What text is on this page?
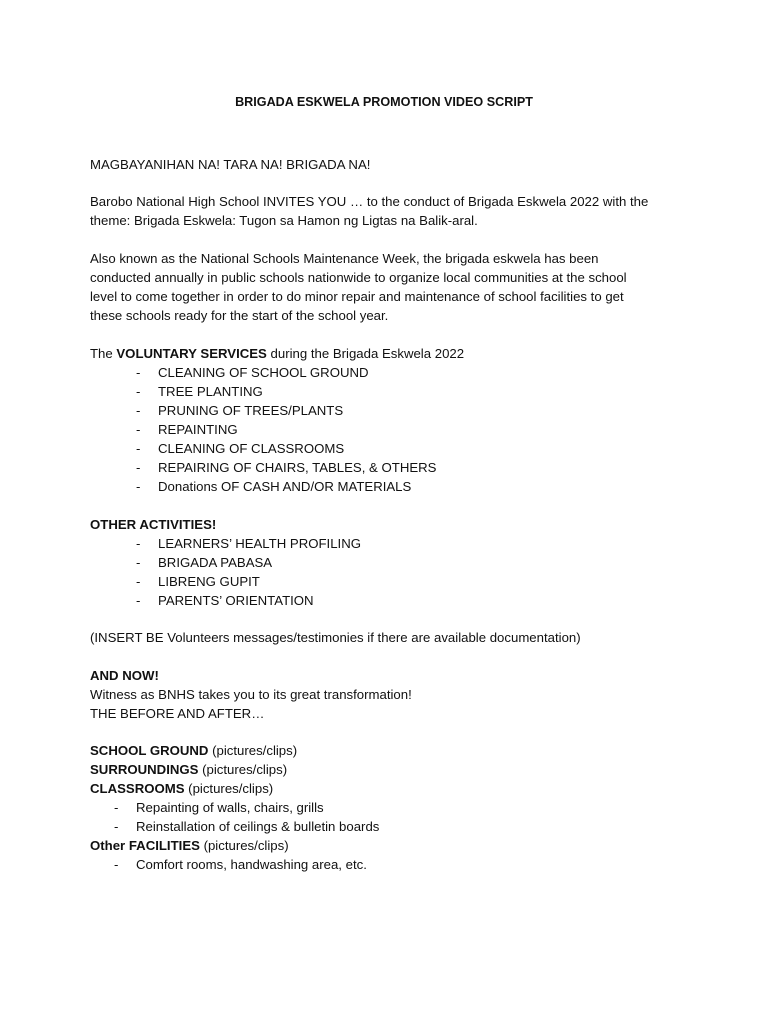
BRIGADA ESKWELA PROMOTION VIDEO SCRIPT
MAGBAYANIHAN NA! TARA NA! BRIGADA NA!
Barobo National High School INVITES YOU … to the conduct of Brigada Eskwela 2022 with the
theme: Brigada Eskwela: Tugon sa Hamon ng Ligtas na Balik-aral.
Also known as the National Schools Maintenance Week, the brigada eskwela has been
conducted annually in public schools nationwide to organize local communities at the school
level to come together in order to do minor repair and maintenance of school facilities to get
these schools ready for the start of the school year.
The VOLUNTARY SERVICES during the Brigada Eskwela 2022
- CLEANING OF SCHOOL GROUND
- TREE PLANTING
- PRUNING OF TREES/PLANTS
- REPAINTING
- CLEANING OF CLASSROOMS
- REPAIRING OF CHAIRS, TABLES, & OTHERS
- Donations OF CASH AND/OR MATERIALS
OTHER ACTIVITIES!
- LEARNERS’ HEALTH PROFILING
- BRIGADA PABASA
- LIBRENG GUPIT
- PARENTS’ ORIENTATION
(INSERT BE Volunteers messages/testimonies if there are available documentation)
AND NOW!
Witness as BNHS takes you to its great transformation!
THE BEFORE AND AFTER…
SCHOOL GROUND (pictures/clips)
SURROUNDINGS (pictures/clips)
CLASSROOMS (pictures/clips)
- Repainting of walls, chairs, grills
- Reinstallation of ceilings & bulletin boards
Other FACILITIES (pictures/clips)
- Comfort rooms, handwashing area, etc.
